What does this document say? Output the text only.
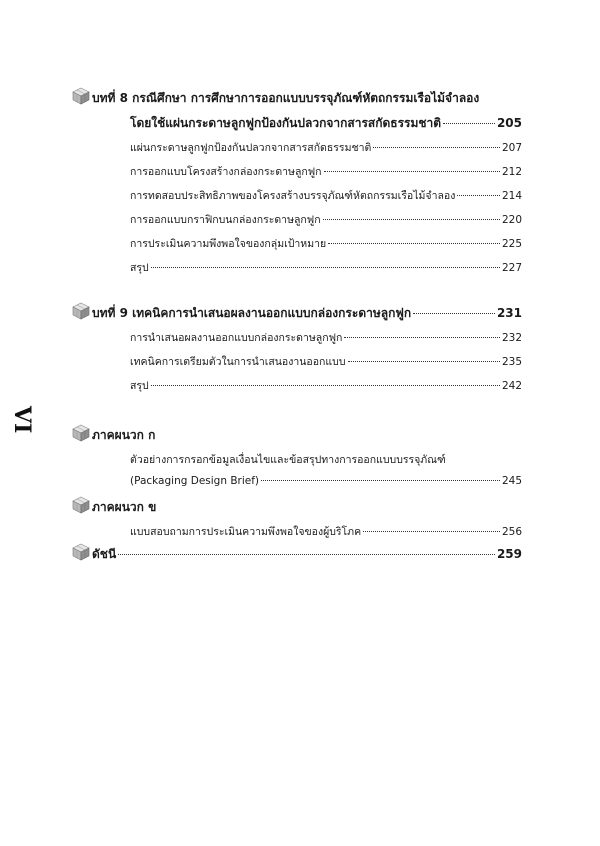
VI
บทที่ 8 กรณีศึกษา การศึกษาการออกแบบบรรจุภัณฑ์หัตถกรรมเรือไม้จำลอง
โดยใช้แผ่นกระดาษลูกฟูกป้องกันปลวกจากสารสกัดธรรมชาติ	205
แผ่นกระดาษลูกฟูกป้องกันปลวกจากสารสกัดธรรมชาติ	207
การออกแบบโครงสร้างกล่องกระดาษลูกฟูก	212
การทดสอบประสิทธิภาพของโครงสร้างบรรจุภัณฑ์หัตถกรรมเรือไม้จำลอง	214
การออกแบบกราฟิกบนกล่องกระดาษลูกฟูก	220
การประเมินความพึงพอใจของกลุ่มเป้าหมาย	225
สรุป	227
บทที่ 9 เทคนิคการนำเสนอผลงานออกแบบกล่องกระดาษลูกฟูก	231
การนำเสนอผลงานออกแบบกล่องกระดาษลูกฟูก	232
เทคนิคการเตรียมตัวในการนำเสนองานออกแบบ	235
สรุป	242
ภาคผนวก ก
ตัวอย่างการกรอกข้อมูลเงื่อนไขและข้อสรุปทางการออกแบบบรรจุภัณฑ์
(Packaging Design Brief)	245
ภาคผนวก ข
แบบสอบถามการประเมินความพึงพอใจของผู้บริโภค	256
ดัชนี	259
